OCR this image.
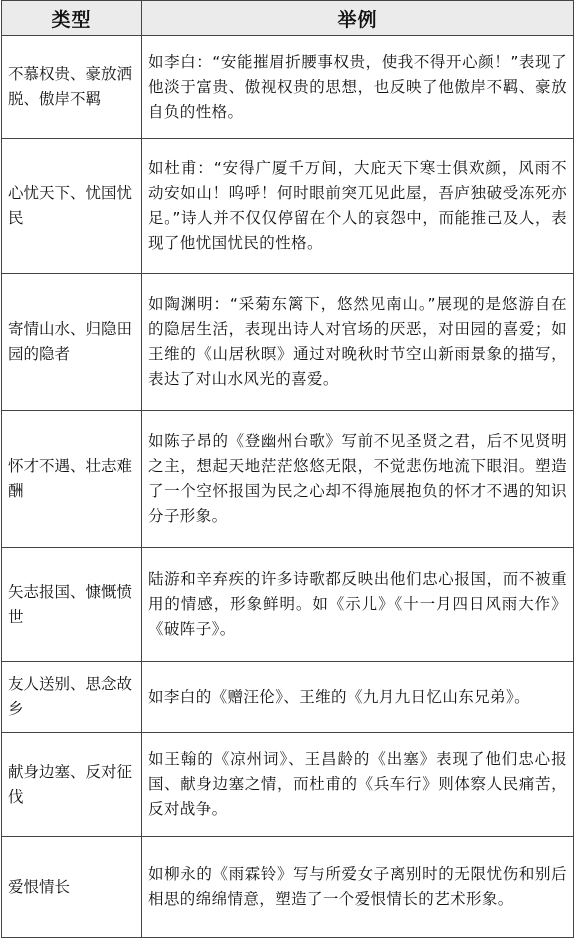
类型	举例
不慕权贵、豪放洒脱、傲岸不羁	如李白：“安能摧眉折腰事权贵，使我不得开心颜！”表现了他淡于富贵、傲视权贵的思想，也反映了他傲岸不羁、豪放自负的性格。
心忧天下、忧国忧民	如杜甫：“安得广厦千万间，大庇天下寒士俱欢颜，风雨不动安如山！呜呼！何时眼前突兀见此屋，吾庐独破受冻死亦足。”诗人并不仅仅停留在个人的哀怨中，而能推己及人，表现了他忧国忧民的性格。
寄情山水、归隐田园的隐者	如陶渊明：“采菊东篱下，悠然见南山。”展现的是悠游自在的隐居生活，表现出诗人对官场的厌恶，对田园的喜爱；如王维的《山居秋暝》通过对晚秋时节空山新雨景象的描写，表达了对山水风光的喜爱。
怀才不遇、壮志难酬	如陈子昂的《登幽州台歌》写前不见圣贤之君，后不见贤明之主，想起天地茫茫悠悠无限，不觉悲伤地流下眼泪。塑造了一个空怀报国为民之心却不得施展抱负的怀才不遇的知识分子形象。
矢志报国、慷慨愤世	陆游和辛弃疾的许多诗歌都反映出他们忠心报国，而不被重用的情感，形象鲜明。如《示儿》《十一月四日风雨大作》《破阵子》。
友人送别、思念故乡	如李白的《赠汪伦》、王维的《九月九日忆山东兄弟》。
献身边塞、反对征伐	如王翰的《凉州词》、王昌龄的《出塞》表现了他们忠心报国、献身边塞之情，而杜甫的《兵车行》则体察人民痛苦，反对战争。
爱恨情长	如柳永的《雨霖铃》写与所爱女子离别时的无限忧伤和别后相思的绵绵情意，塑造了一个爱恨情长的艺术形象。
